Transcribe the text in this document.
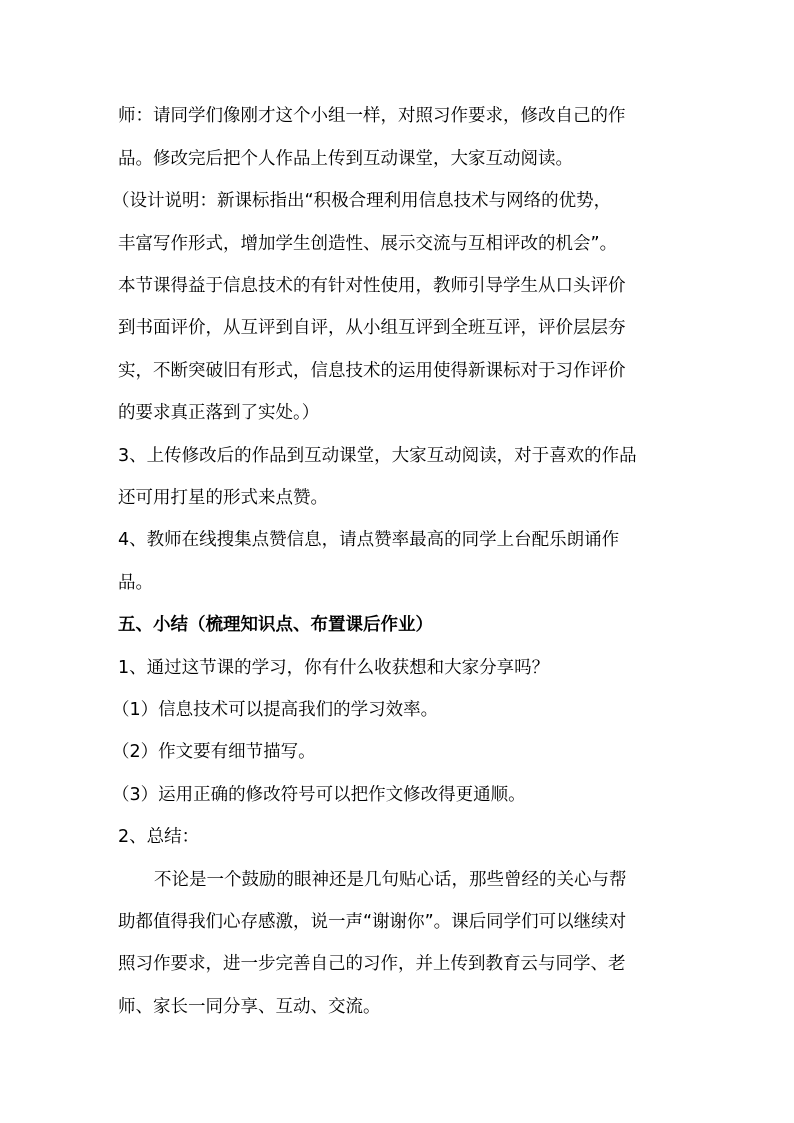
师：请同学们像刚才这个小组一样，对照习作要求，修改自己的作
品。修改完后把个人作品上传到互动课堂，大家互动阅读。
（设计说明：新课标指出“积极合理利用信息技术与网络的优势，
丰富写作形式，增加学生创造性、展示交流与互相评改的机会”。
本节课得益于信息技术的有针对性使用，教师引导学生从口头评价
到书面评价，从互评到自评，从小组互评到全班互评，评价层层夯
实，不断突破旧有形式，信息技术的运用使得新课标对于习作评价
的要求真正落到了实处。）
3、上传修改后的作品到互动课堂，大家互动阅读，对于喜欢的作品
还可用打星的形式来点赞。
4、教师在线搜集点赞信息，请点赞率最高的同学上台配乐朗诵作
品。
五、小结（梳理知识点、布置课后作业）
1、通过这节课的学习，你有什么收获想和大家分享吗？
（1）信息技术可以提高我们的学习效率。
（2）作文要有细节描写。
（3）运用正确的修改符号可以把作文修改得更通顺。
2、总结：
不论是一个鼓励的眼神还是几句贴心话，那些曾经的关心与帮
助都值得我们心存感激，说一声“谢谢你”。课后同学们可以继续对
照习作要求，进一步完善自己的习作，并上传到教育云与同学、老
师、家长一同分享、互动、交流。
